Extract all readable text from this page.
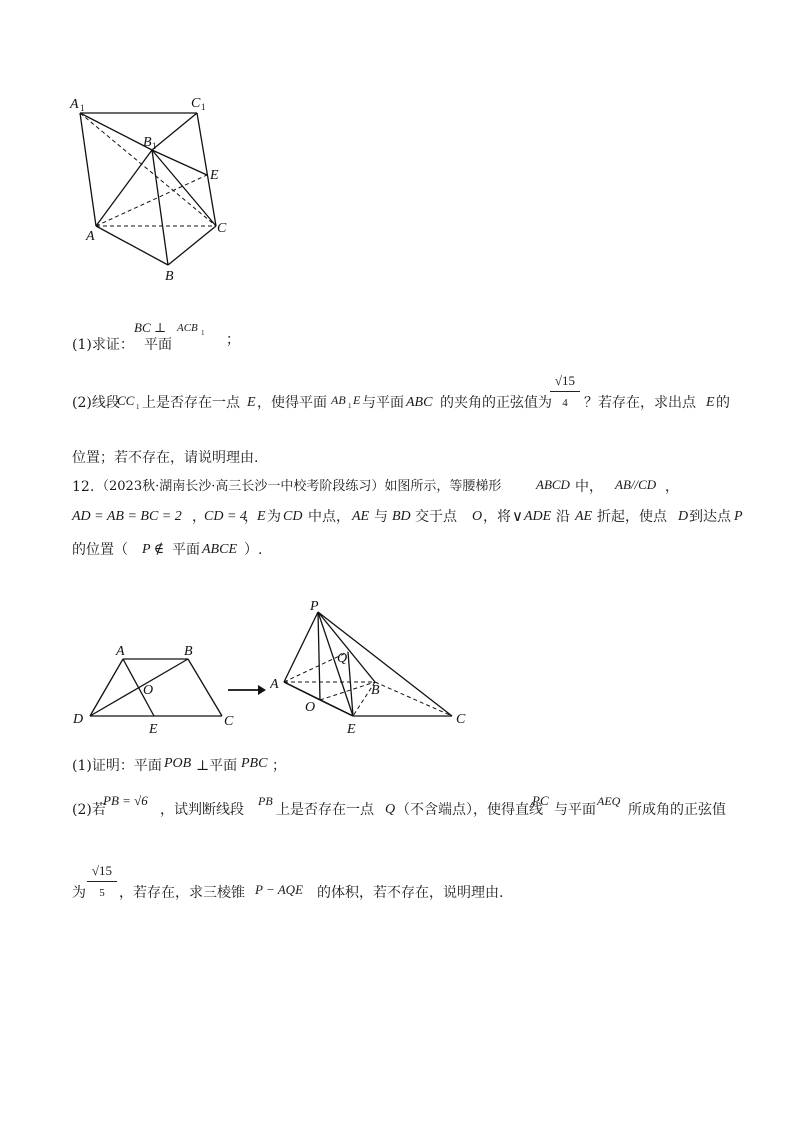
A 1	C 1
B 1
E
A
C
B
(1)求证：
BC ⊥
平面
ACB 1 ；
(2)线段
CC 1 上是否存在一点 E ，使得平面 AB 1 E 与平面 ABC 的夹角的正弦值为
√15
4	？若存在，求出点 E 的
位置；若不存在，请说明理由.
12. （2023秋·湖南长沙·高三长沙一中校考阶段练习）如图所示，等腰梯形	ABCD 中， AB//CD ，
AD = AB = BC = 2 ，
CD = 4
， E 为 CD 中点， AE 与 BD 交于点 O ，将 ∨ ADE 沿 AE 折起，使点 D 到达点 P
的位置（ P ∉ 平面 ABCE ）.
A	B
O
D
E
C
P
Q
A	B
O
E
C
(1)证明：平面 POB ⊥平面 PBC ；
(2)若
PB = √6
，试判断线段
PB
上是否存在一点 Q （不含端点），使得直线
PC
与平面
AEQ
所成角的正弦值
为
√15
5	，若存在，求三棱锥 P − AQE 的体积，若不存在，说明理由.
